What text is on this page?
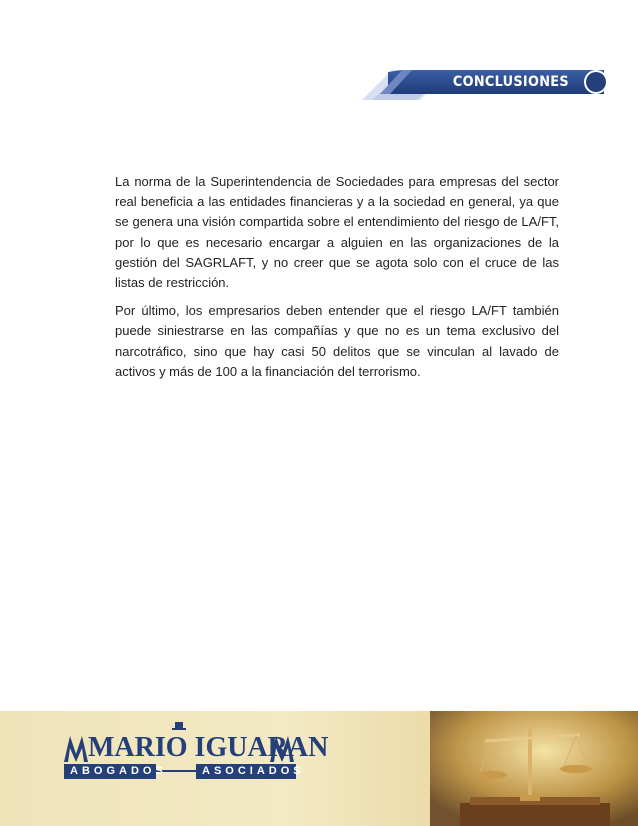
CONCLUSIONES

La norma de la Superintendencia de Sociedades para empresas del sector real beneficia a las entidades financieras y a la sociedad en general, ya que se genera una visión compartida sobre el entendimiento del riesgo de LA/FT, por lo que es necesario encargar a alguien en las organizaciones de la gestión del SAGRLAFT, y no creer que se agota solo con el cruce de las listas de restricción.

Por último, los empresarios deben entender que el riesgo LA/FT también puede siniestrarse en las compañías y que no es un tema exclusivo del narcotráfico, sino que hay casi 50 delitos que se vinculan al lavado de activos y más de 100 a la financiación del terrorismo.

MARIO IGUARAN
ABOGADOS	ASOCIADOS
